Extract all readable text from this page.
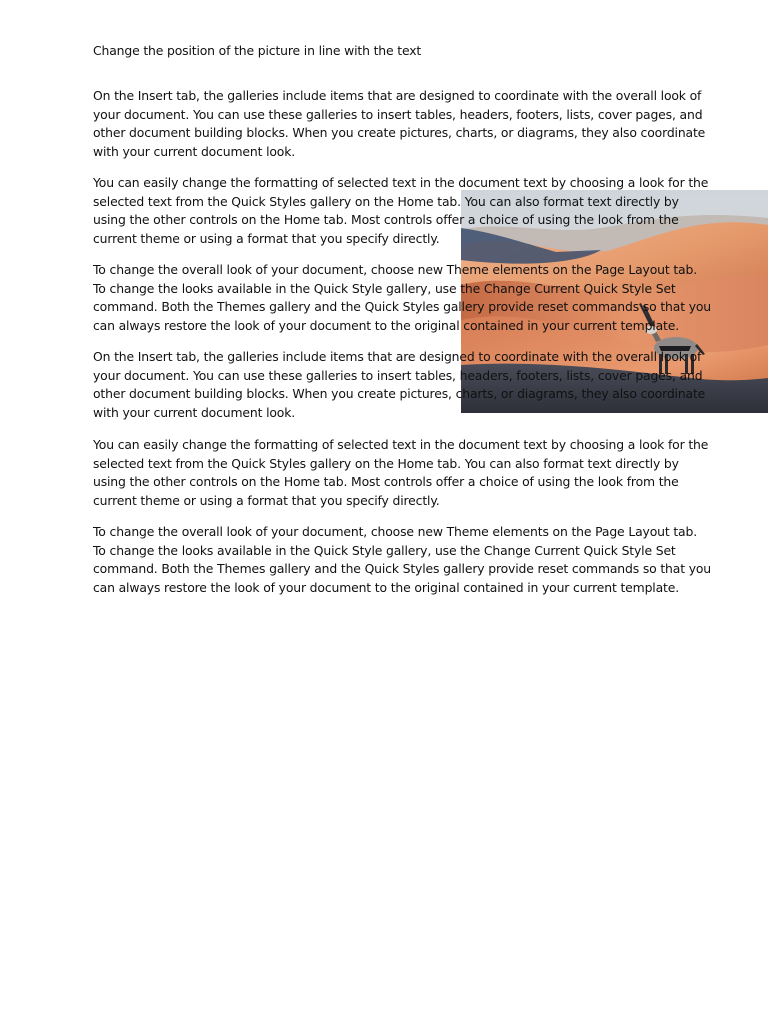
Change the position of the picture in line with the text
On the Insert tab, the galleries include items that are designed to coordinate with the overall look of
your document. You can use these galleries to insert tables, headers, footers, lists, cover pages, and
other document building blocks. When you create pictures, charts, or diagrams, they also coordinate
with your current document look.
You can easily change the formatting of selected text in the document text by choosing a look for the
selected text from the Quick Styles gallery on the Home tab. You can also format text directly by
using the other controls on the Home tab. Most controls offer a choice of using the look from the
current theme or using a format that you specify directly.
To change the overall look of your document, choose new Theme elements on the Page Layout tab.
To change the looks available in the Quick Style gallery, use the Change Current Quick Style Set
command. Both the Themes gallery and the Quick Styles gallery provide reset commands so that you
can always restore the look of your document to the original contained in your current template.
On the Insert tab, the galleries include items that are designed to coordinate with the overall look of
your document. You can use these galleries to insert tables, headers, footers, lists, cover pages, and
other document building blocks. When you create pictures, charts, or diagrams, they also coordinate
with your current document look.
You can easily change the formatting of selected text in the document text by choosing a look for the
selected text from the Quick Styles gallery on the Home tab. You can also format text directly by
using the other controls on the Home tab. Most controls offer a choice of using the look from the
current theme or using a format that you specify directly.
To change the overall look of your document, choose new Theme elements on the Page Layout tab.
To change the looks available in the Quick Style gallery, use the Change Current Quick Style Set
command. Both the Themes gallery and the Quick Styles gallery provide reset commands so that you
can always restore the look of your document to the original contained in your current template.
